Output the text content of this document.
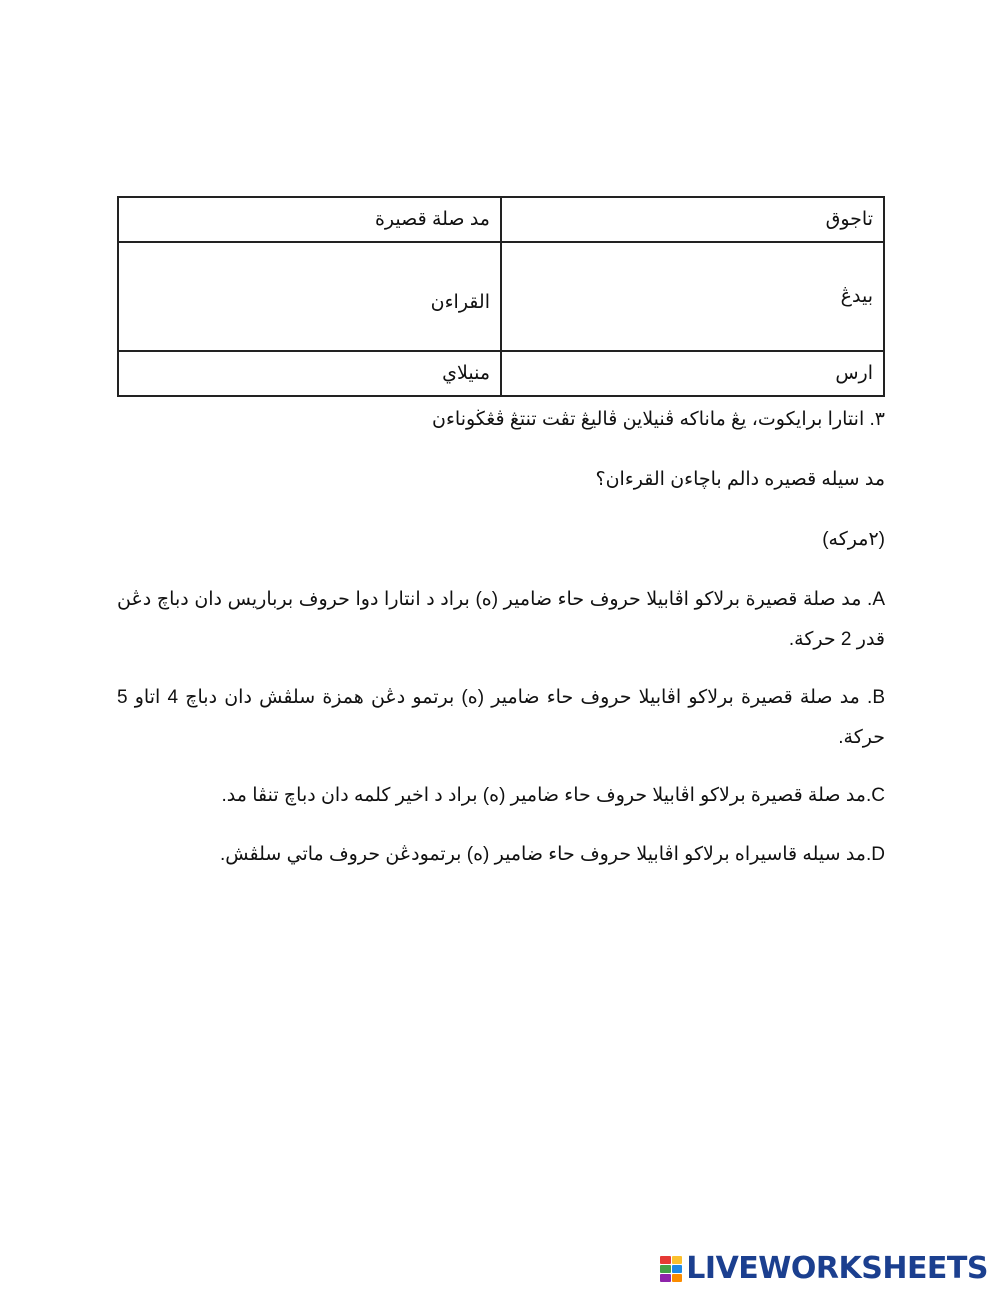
تاجوق	مد صلة قصيرة
بيدڠ	القراءن
ارس	منيلاي
٣. انتارا برايكوت، يڠ ماناكه ڤنيلاين ڤاليڠ تڤت تنتڠ ڤڠڬوناءن
مد سيله قصيره دالم باچاءن القرءان؟
(٢مركه)
A. مد صلة قصيرة برلاكو اڤابيلا حروف حاء ضامير (ه) براد د انتارا دوا حروف برباريس دان دباچ دڠن قدر 2 حركة.
B. مد صلة قصيرة برلاكو اڤابيلا حروف حاء ضامير (ه) برتمو دڠن همزة سلڤش دان دباچ 4 اتاو 5 حركة.
C.مد صلة قصيرة برلاكو اڤابيلا حروف حاء ضامير (ه) براد د اخير كلمه دان دباچ تنڤا مد.
D.مد سيله قاسيراه برلاكو اڤابيلا حروف حاء ضامير (ه) برتمودڠن حروف ماتي سلڤش.
LIVEWORKSHEETS
